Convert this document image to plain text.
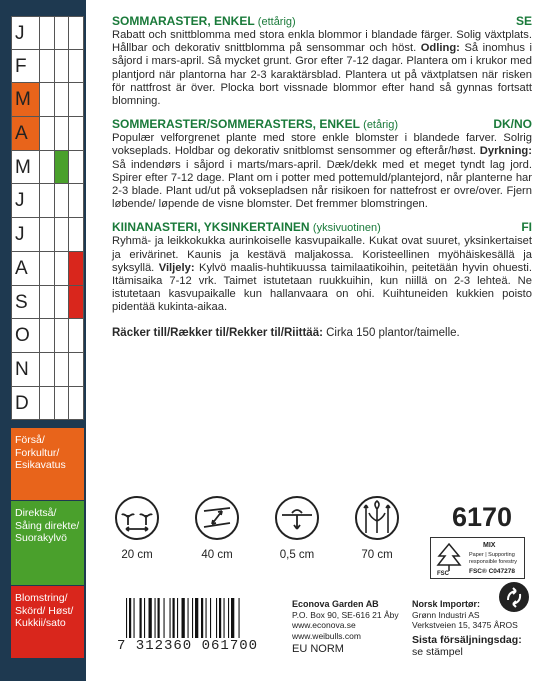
J
F
M
A
M
J
J
A
S
O
N
D
Förså/ Forkultur/ Esikavatus
Direktså/ Såing direkte/ Suorakylvö
Blomstring/ Skörd/ Høst/ Kukkii/sato
SOMMARASTER, ENKEL (ettårig)	SE
Rabatt och snittblomma med stora enkla blommor i blandade färger. Solig växtplats. Hållbar och dekorativ snittblomma på sensommar och höst. Odling: Så inomhus i såjord i mars-april. Så mycket grunt. Gror efter 7-12 dagar. Plantera om i krukor med plantjord när plantorna har 2-3 karaktärsblad. Plantera ut på växtplatsen när risken för nattfrost är över. Plocka bort vissnade blommor efter hand så gynnas fortsatt blomning.
SOMMERASTER/SOMMERASTERS, ENKEL (etårig)	DK/NO
Populær velforgrenet plante med store enkle blomster i blandede farver. Solrig vokseplads. Holdbar og dekorativ snitblomst sensommer og efterår/høst. Dyrkning: Så indendørs i såjord i marts/mars-april. Dæk/dekk med et meget tyndt lag jord. Spirer efter 7-12 dage. Plant om i potter med pottemuld/plantejord, når planterne har 2-3 blade. Plant ud/ut på voksepladsen når risikoen for nattefrost er ovre/over. Fjern løbende/ løpende de visne blomster. Det fremmer blomstringen.
KIINANASTERI, YKSINKERTAINEN (yksivuotinen)	FI
Ryhmä- ja leikkokukka aurinkoiselle kasvupaikalle. Kukat ovat suuret, yksinkertaiset ja erivärinet. Kaunis ja kestävä maljakossa. Koristeellinen myöhäiskesällä ja syksyllä. Viljely: Kylvö maalis-huhtikuussa taimilaatikoihin, peitetään hyvin ohuesti. Itämisaika 7-12 vrk. Taimet istutetaan ruukkuihin, kun niillä on 2-3 lehteä. Ne istutetaan kasvupaikalle kun hallanvaara on ohi. Kuihtuneiden kukkien poisto pidentää kukinta-aikaa.
Räcker till/Rækker til/Rekker til/Riittää: Cirka 150 plantor/taimelle.
20 cm	40 cm	0,5 cm	70 cm
6170
FSC
MIX
Paper | Supporting
responsible forestry
FSC® C047278
7 312360 061700
Econova Garden AB
P.O. Box 90, SE-616 21 Åby
www.econova.se
www.weibulls.com
EU NORM
Norsk Importør:
Grønn Industri AS
Verkstveien 15, 3475 ÅROS
Sista försäljningsdag:
se stämpel
